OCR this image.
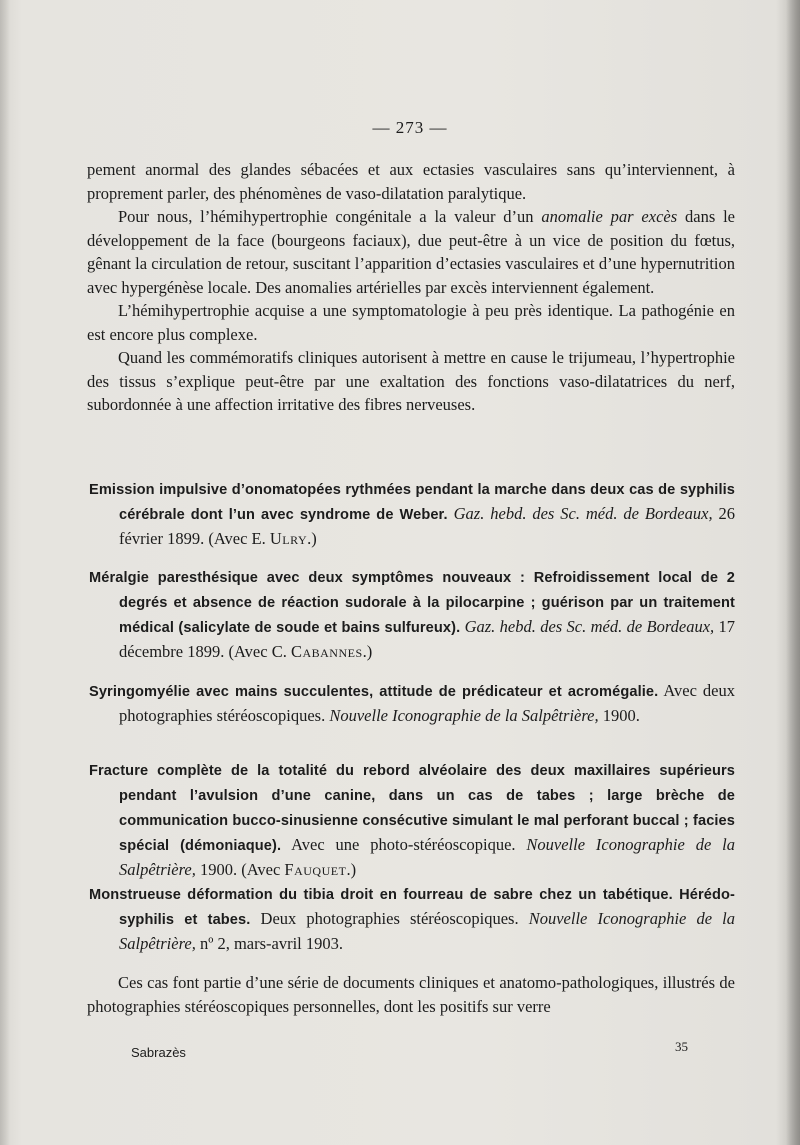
— 273 —

pement anormal des glandes sébacées et aux ectasies vasculaires sans qu’interviennent, à proprement parler, des phénomènes de vaso-dilatation paralytique.

Pour nous, l’hémihypertrophie congénitale a la valeur d’un anomalie par excès dans le développement de la face (bourgeons faciaux), due peut-être à un vice de position du fœtus, gênant la circulation de retour, suscitant l’apparition d’ectasies vasculaires et d’une hypernutrition avec hypergénèse locale. Des anomalies artérielles par excès interviennent également.

L’hémihypertrophie acquise a une symptomatologie à peu près identique. La pathogénie en est encore plus complexe.

Quand les commémoratifs cliniques autorisent à mettre en cause le trijumeau, l’hypertrophie des tissus s’explique peut-être par une exaltation des fonctions vaso-dilatatrices du nerf, subordonnée à une affection irritative des fibres nerveuses.

Emission impulsive d’onomatopées rythmées pendant la marche dans deux cas de syphilis cérébrale dont l’un avec syndrome de Weber. Gaz. hebd. des Sc. méd. de Bordeaux, 26 février 1899. (Avec E. Ulry.)
Méralgie paresthésique avec deux symptômes nouveaux : Refroidissement local de 2 degrés et absence de réaction sudorale à la pilocarpine ; guérison par un traitement médical (salicylate de soude et bains sulfureux). Gaz. hebd. des Sc. méd. de Bordeaux, 17 décembre 1899. (Avec C. Cabannes.)
Syringomyélie avec mains succulentes, attitude de prédicateur et acromégalie. Avec deux photographies stéréoscopiques. Nouvelle Iconographie de la Salpêtrière, 1900.
Fracture complète de la totalité du rebord alvéolaire des deux maxillaires supérieurs pendant l’avulsion d’une canine, dans un cas de tabes ; large brèche de communication bucco-sinusienne consécutive simulant le mal perforant buccal ; facies spécial (démoniaque). Avec une photo-stéréoscopique. Nouvelle Iconographie de la Salpêtrière, 1900. (Avec Fauquet.)
Monstrueuse déformation du tibia droit en fourreau de sabre chez un tabétique. Hérédo-syphilis et tabes. Deux photographies stéréoscopiques. Nouvelle Iconographie de la Salpêtrière, nº 2, mars-avril 1903.

Ces cas font partie d’une série de documents cliniques et anatomo-pathologiques, illustrés de photographies stéréoscopiques personnelles, dont les positifs sur verre

Sabrazès	35
